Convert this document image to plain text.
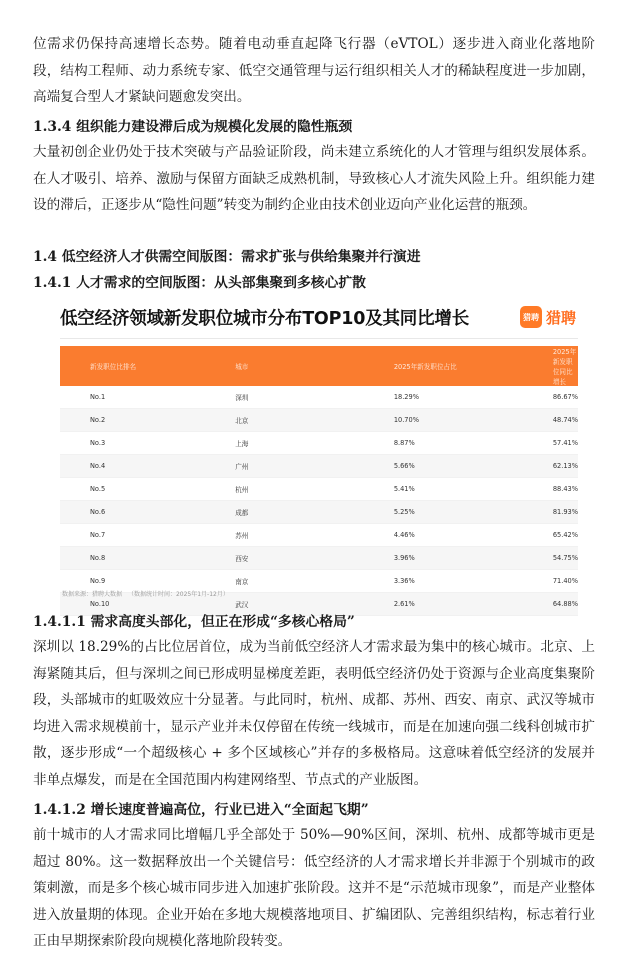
位需求仍保持高速增长态势。随着电动垂直起降飞行器（eVTOL）逐步进入商业化落地阶段，结构工程师、动力系统专家、低空交通管理与运行组织相关人才的稀缺程度进一步加剧，高端复合型人才紧缺问题愈发突出。

1.3.4 组织能力建设滞后成为规模化发展的隐性瓶颈

大量初创企业仍处于技术突破与产品验证阶段，尚未建立系统化的人才管理与组织发展体系。在人才吸引、培养、激励与保留方面缺乏成熟机制，导致核心人才流失风险上升。组织能力建设的滞后，正逐步从“隐性问题”转变为制约企业由技术创业迈向产业化运营的瓶颈。

1.4 低空经济人才供需空间版图：需求扩张与供给集聚并行演进
1.4.1 人才需求的空间版图：从头部集聚到多核心扩散
低空经济领域新发职位城市分布TOP10及其同比增长	猎聘 猎聘
新发职位比排名	城市	2025年新发职位占比	2025年新发职位同比增长
No.1	深圳	18.29%	86.67%
No.2	北京	10.70%	48.74%
No.3	上海	8.87%	57.41%
No.4	广州	5.66%	62.13%
No.5	杭州	5.41%	88.43%
No.6	成都	5.25%	81.93%
No.7	苏州	4.46%	65.42%
No.8	西安	3.96%	54.75%
No.9	南京	3.36%	71.40%
No.10	武汉	2.61%	64.88%
数据来源：猎聘大数据 （数据统计时间：2025年1月-12月）
1.4.1.1 需求高度头部化，但正在形成“多核心格局”

深圳以 18.29%的占比位居首位，成为当前低空经济人才需求最为集中的核心城市。北京、上海紧随其后，但与深圳之间已形成明显梯度差距，表明低空经济仍处于资源与企业高度集聚阶段，头部城市的虹吸效应十分显著。与此同时，杭州、成都、苏州、西安、南京、武汉等城市均进入需求规模前十，显示产业并未仅停留在传统一线城市，而是在加速向强二线科创城市扩散，逐步形成“一个超级核心 + 多个区域核心”并存的多极格局。这意味着低空经济的发展并非单点爆发，而是在全国范围内构建网络型、节点式的产业版图。

1.4.1.2 增长速度普遍高位，行业已进入“全面起飞期”

前十城市的人才需求同比增幅几乎全部处于 50%—90%区间，深圳、杭州、成都等城市更是超过 80%。这一数据释放出一个关键信号：低空经济的人才需求增长并非源于个别城市的政策刺激，而是多个核心城市同步进入加速扩张阶段。这并不是“示范城市现象”，而是产业整体进入放量期的体现。企业开始在多地大规模落地项目、扩编团队、完善组织结构，标志着行业正由早期探索阶段向规模化落地阶段转变。
